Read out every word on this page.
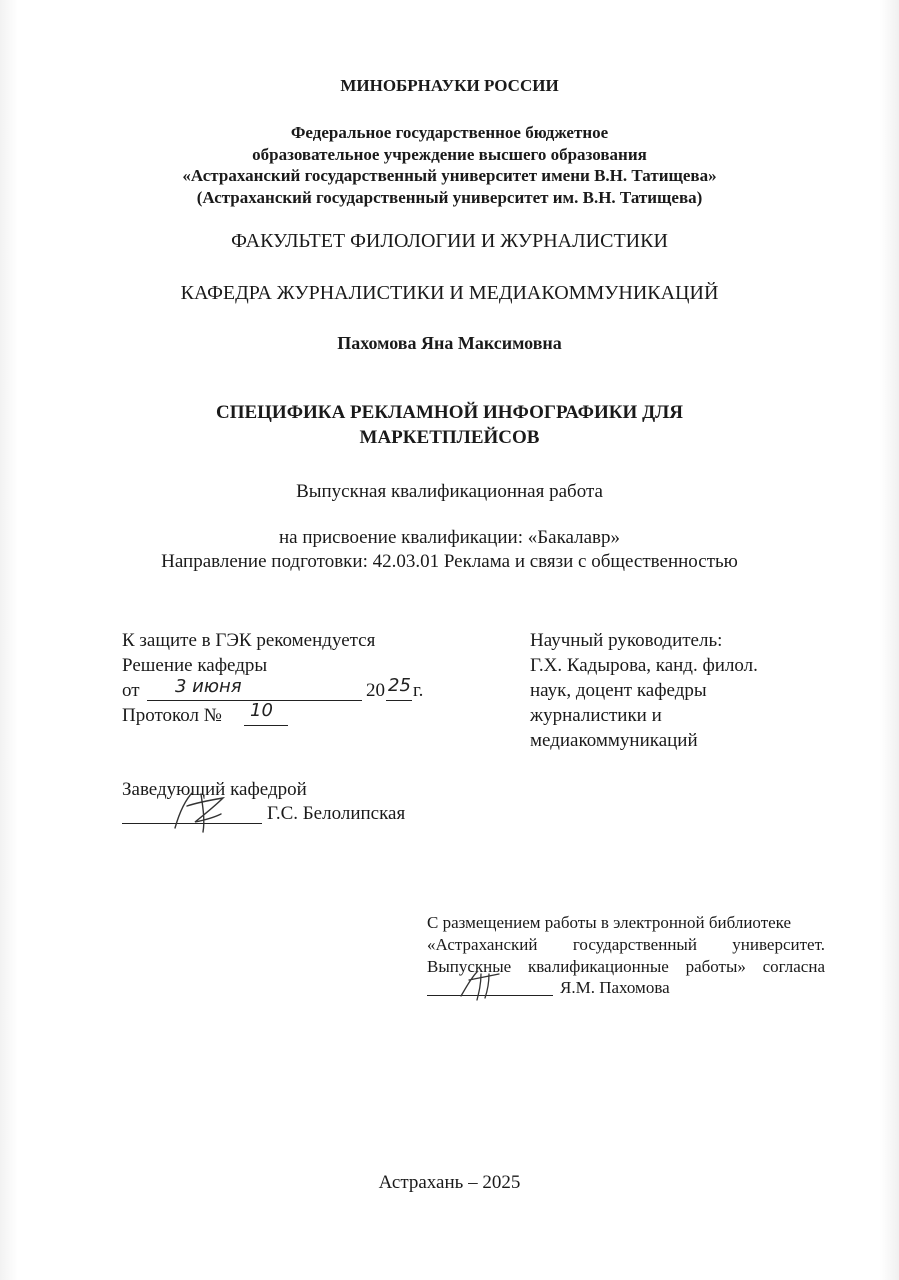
МИНОБРНАУКИ РОССИИ
Федеральное государственное бюджетное
образовательное учреждение высшего образования
«Астраханский государственный университет имени В.Н. Татищева»
(Астраханский государственный университет им. В.Н. Татищева)
ФАКУЛЬТЕТ ФИЛОЛОГИИ И ЖУРНАЛИСТИКИ
КАФЕДРА ЖУРНАЛИСТИКИ И МЕДИАКОММУНИКАЦИЙ
Пахомова Яна Максимовна
СПЕЦИФИКА РЕКЛАМНОЙ ИНФОГРАФИКИ ДЛЯ
МАРКЕТПЛЕЙСОВ
Выпускная квалификационная работа
на присвоение квалификации: «Бакалавр»
Направление подготовки: 42.03.01 Реклама и связи с общественностью
К защите в ГЭК рекомендуется
Решение кафедры
от 3 июня	20 25 г.
Протокол № 10
Научный руководитель:
Г.Х. Кадырова, канд. филол.
наук, доцент кафедры
журналистики и
медиакоммуникаций
Заведующий кафедрой
Г.С. Белолипская
С размещением работы в электронной библиотеке
«Астраханский государственный университет.
Выпускные квалификационные работы» согласна
Я.М. Пахомова
Астрахань – 2025
